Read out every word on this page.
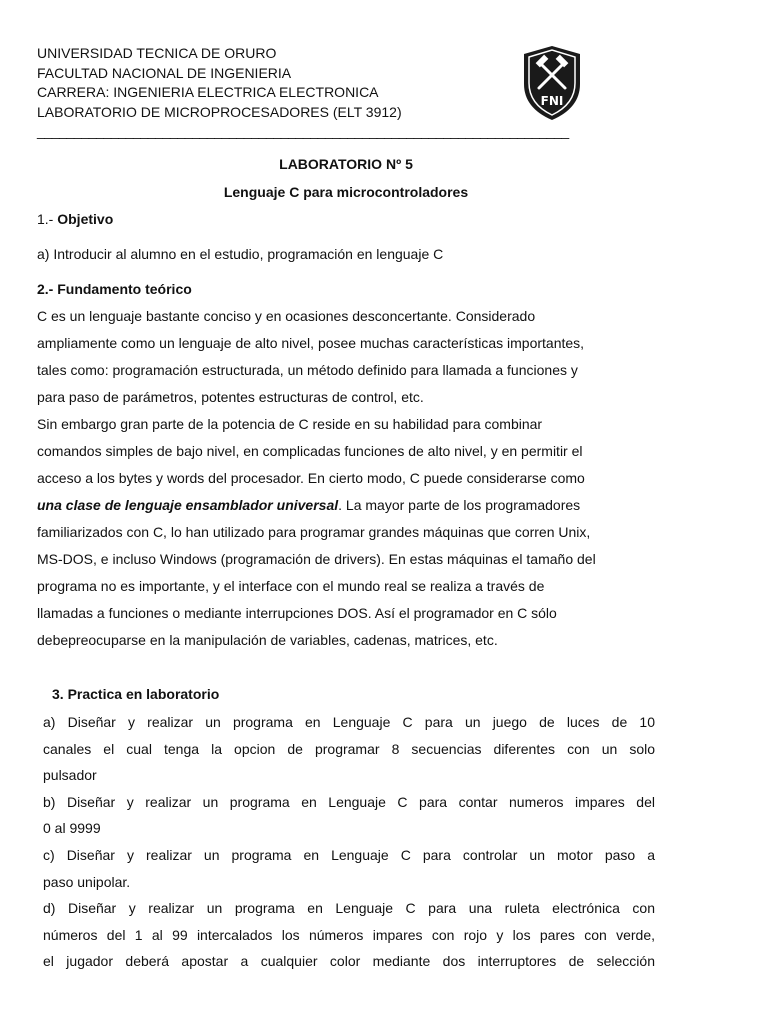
UNIVERSIDAD TECNICA DE ORURO
FACULTAD NACIONAL DE INGENIERIA
CARRERA: INGENIERIA ELECTRICA ELECTRONICA
LABORATORIO DE MICROPROCESADORES (ELT 3912)
________________________________________________________________________
FNI
LABORATORIO Nº 5
Lenguaje C para microcontroladores
1.- Objetivo
a) Introducir al alumno en el estudio, programación en lenguaje C
2.- Fundamento teórico
C es un lenguaje bastante conciso y en ocasiones desconcertante. Considerado
ampliamente como un lenguaje de alto nivel, posee muchas características importantes,
tales como: programación estructurada, un método definido para llamada a funciones y
para paso de parámetros, potentes estructuras de control, etc.
Sin embargo gran parte de la potencia de C reside en su habilidad para combinar
comandos simples de bajo nivel, en complicadas funciones de alto nivel, y en permitir el
acceso a los bytes y words del procesador. En cierto modo, C puede considerarse como
una clase de lenguaje ensamblador universal. La mayor parte de los programadores
familiarizados con C, lo han utilizado para programar grandes máquinas que corren Unix,
MS-DOS, e incluso Windows (programación de drivers). En estas máquinas el tamaño del
programa no es importante, y el interface con el mundo real se realiza a través de
llamadas a funciones o mediante interrupciones DOS. Así el programador en C sólo
debepreocuparse en la manipulación de variables, cadenas, matrices, etc.
3. Practica en laboratorio
a) Diseñar y realizar un programa en Lenguaje C para un juego de luces de 10
canales el cual tenga la opcion de programar 8 secuencias diferentes con un solo
pulsador
b) Diseñar y realizar un programa en Lenguaje C para contar numeros impares del
0 al 9999
c) Diseñar y realizar un programa en Lenguaje C para controlar un motor paso a
paso unipolar.
d) Diseñar y realizar un programa en Lenguaje C para una ruleta electrónica con
números del 1 al 99 intercalados los números impares con rojo y los pares con verde,
el jugador deberá apostar a cualquier color mediante dos interruptores de selección
